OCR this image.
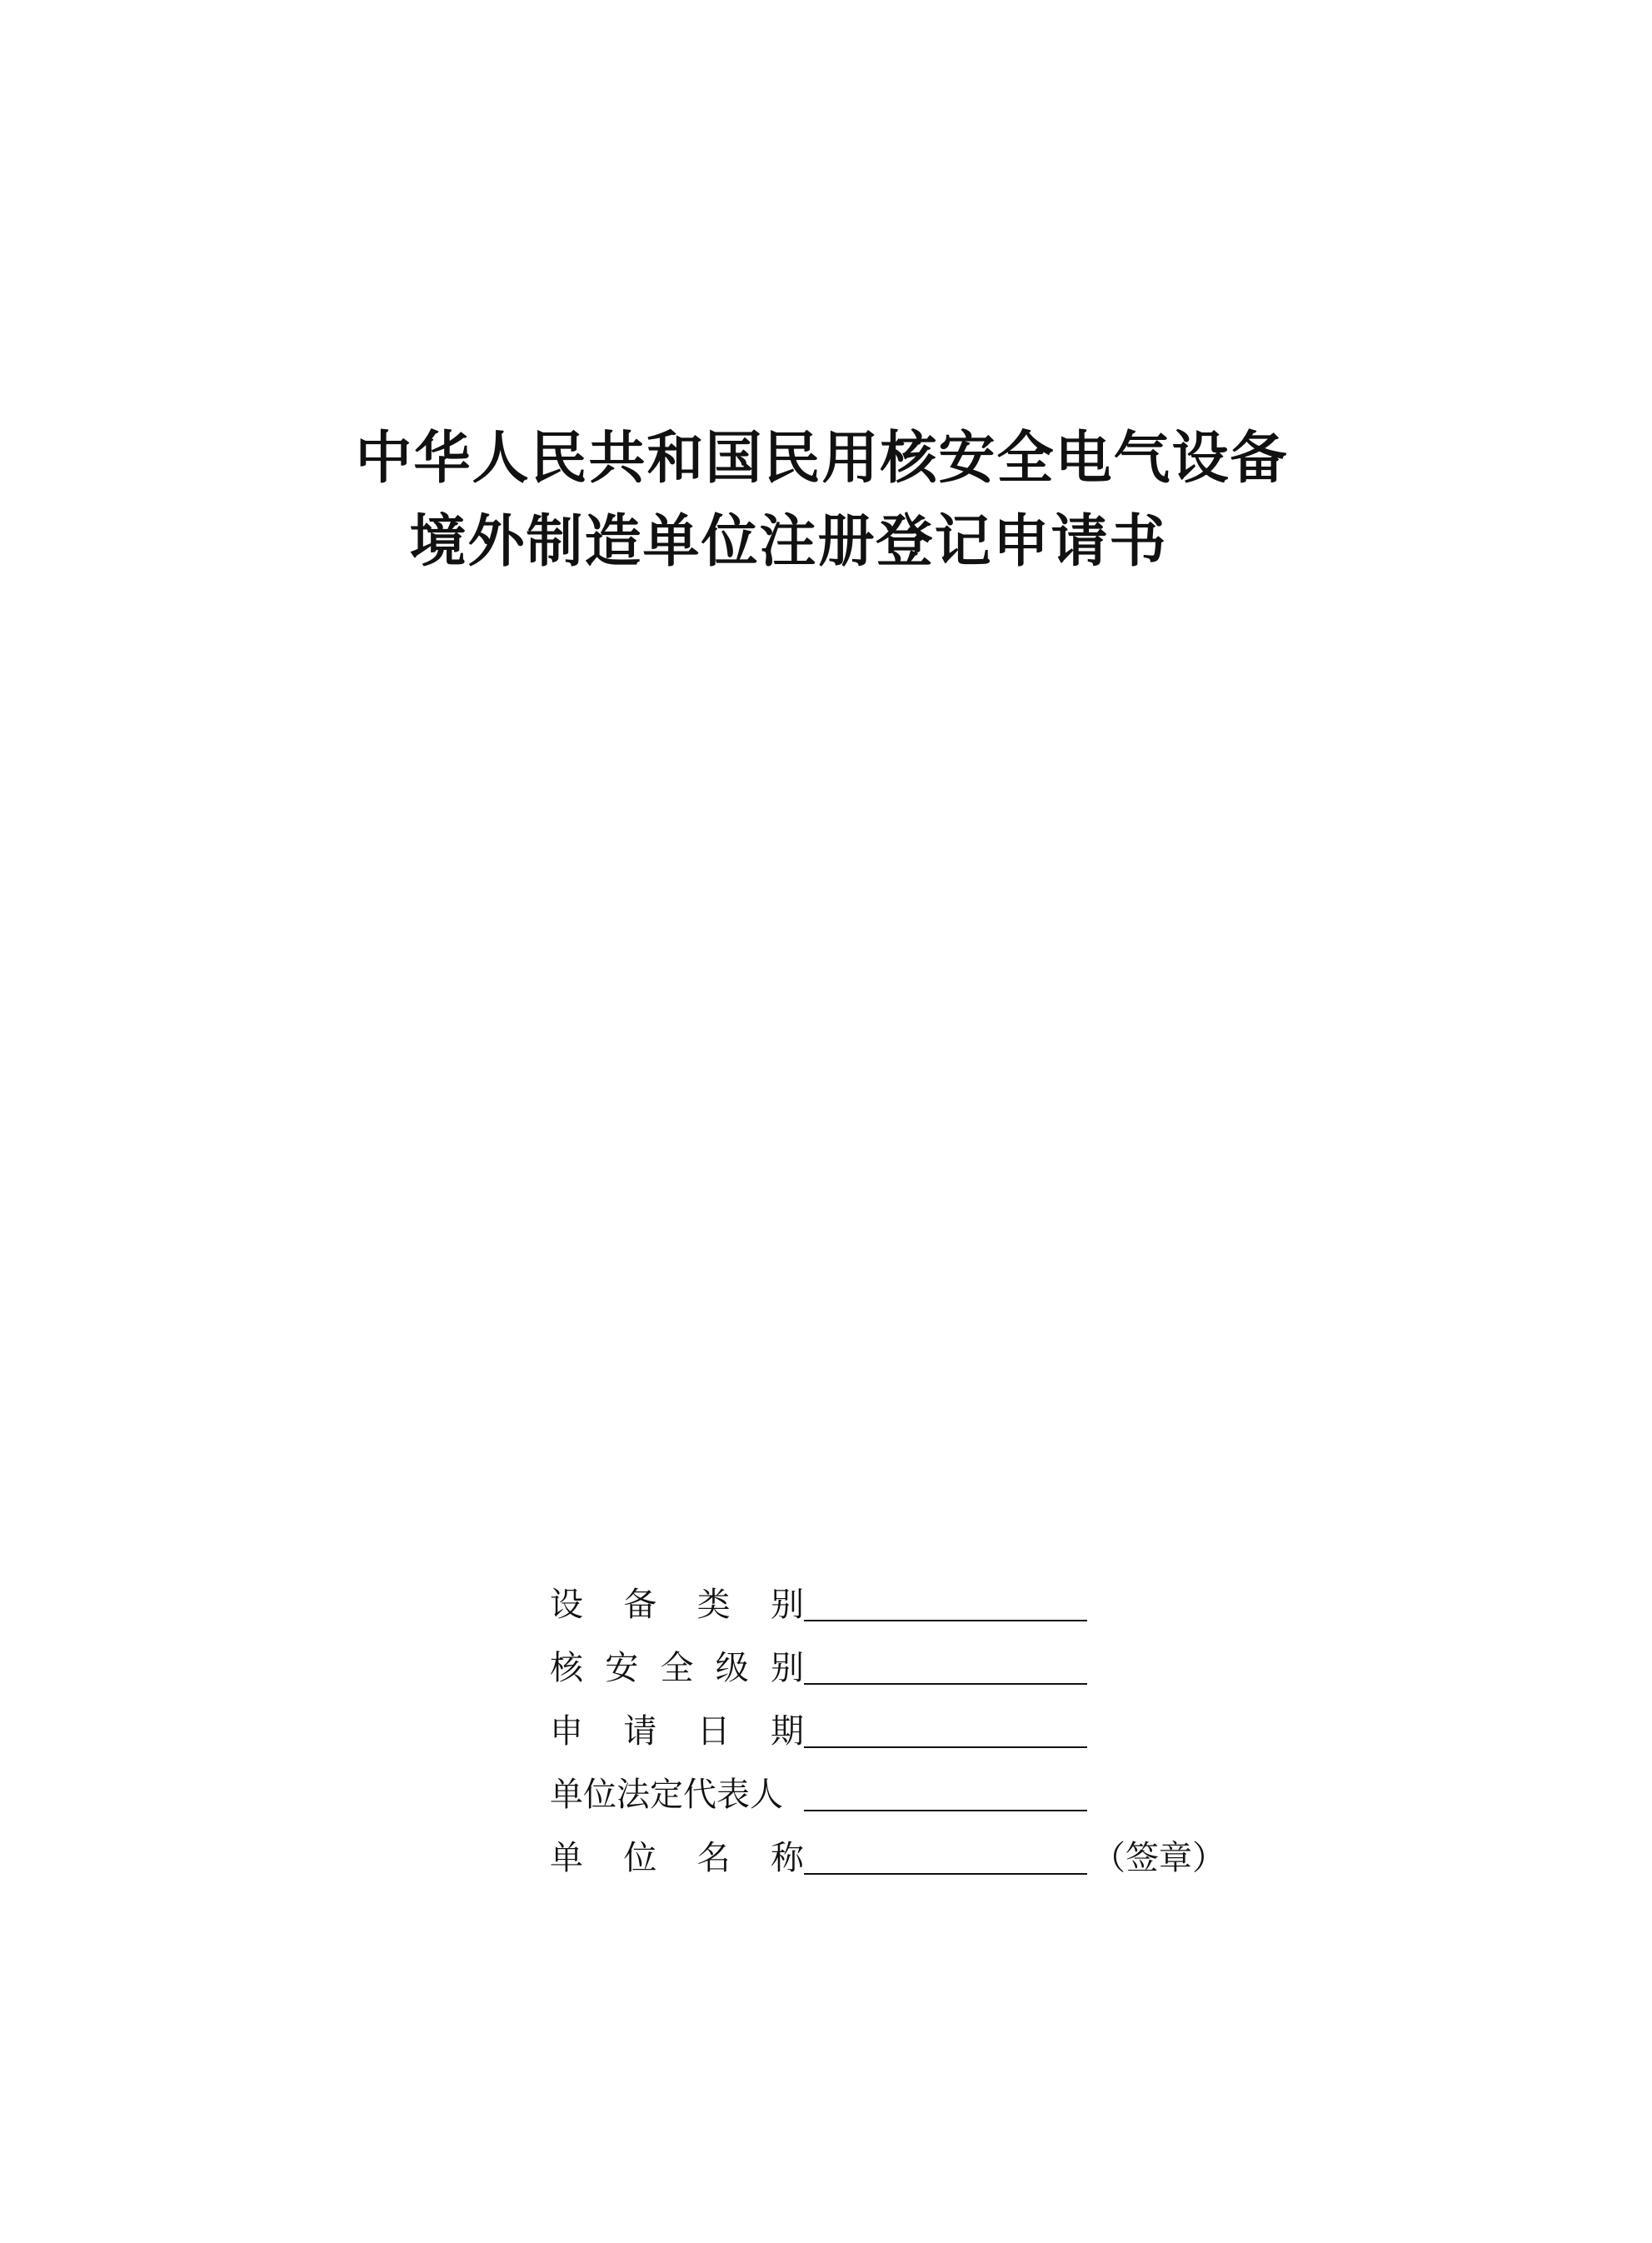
中华人民共和国民用核安全电气设备

境外制造单位注册登记申请书

设 备 类 别
核 安 全 级 别
申 请 日 期
单位法定代表人
单 位 名 称	（签章）
